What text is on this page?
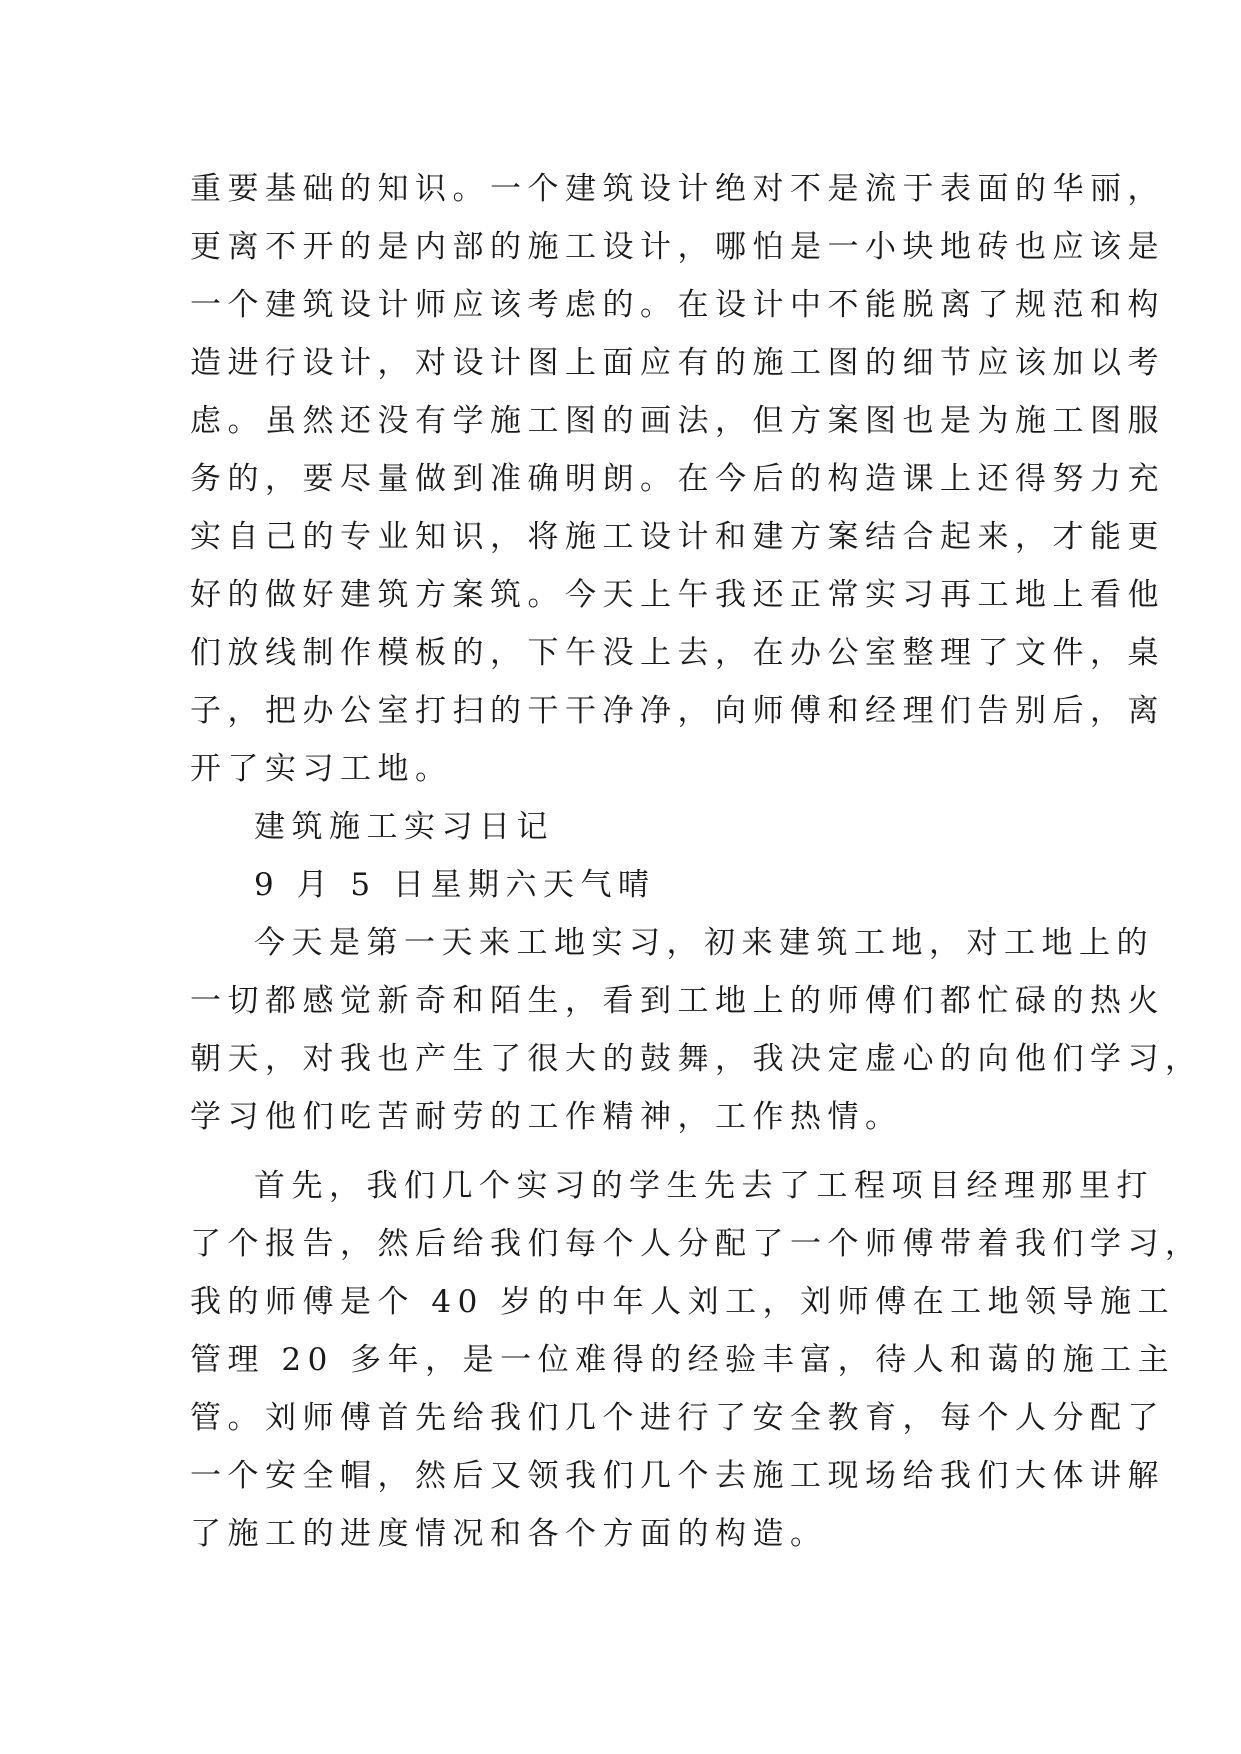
重要基础的知识。一个建筑设计绝对不是流于表面的华丽，
更离不开的是内部的施工设计，哪怕是一小块地砖也应该是
一个建筑设计师应该考虑的。在设计中不能脱离了规范和构
造进行设计，对设计图上面应有的施工图的细节应该加以考
虑。虽然还没有学施工图的画法，但方案图也是为施工图服
务的，要尽量做到准确明朗。在今后的构造课上还得努力充
实自己的专业知识，将施工设计和建方案结合起来，才能更
好的做好建筑方案筑。今天上午我还正常实习再工地上看他
们放线制作模板的，下午没上去，在办公室整理了文件，桌
子，把办公室打扫的干干净净，向师傅和经理们告别后，离
开了实习工地。
建筑施工实习日记
9 月 5 日星期六天气晴
今天是第一天来工地实习，初来建筑工地，对工地上的
一切都感觉新奇和陌生，看到工地上的师傅们都忙碌的热火
朝天，对我也产生了很大的鼓舞，我决定虚心的向他们学习，
学习他们吃苦耐劳的工作精神，工作热情。
首先，我们几个实习的学生先去了工程项目经理那里打
了个报告，然后给我们每个人分配了一个师傅带着我们学习，
我的师傅是个 40 岁的中年人刘工，刘师傅在工地领导施工
管理 20 多年，是一位难得的经验丰富，待人和蔼的施工主
管。刘师傅首先给我们几个进行了安全教育，每个人分配了
一个安全帽，然后又领我们几个去施工现场给我们大体讲解
了施工的进度情况和各个方面的构造。
